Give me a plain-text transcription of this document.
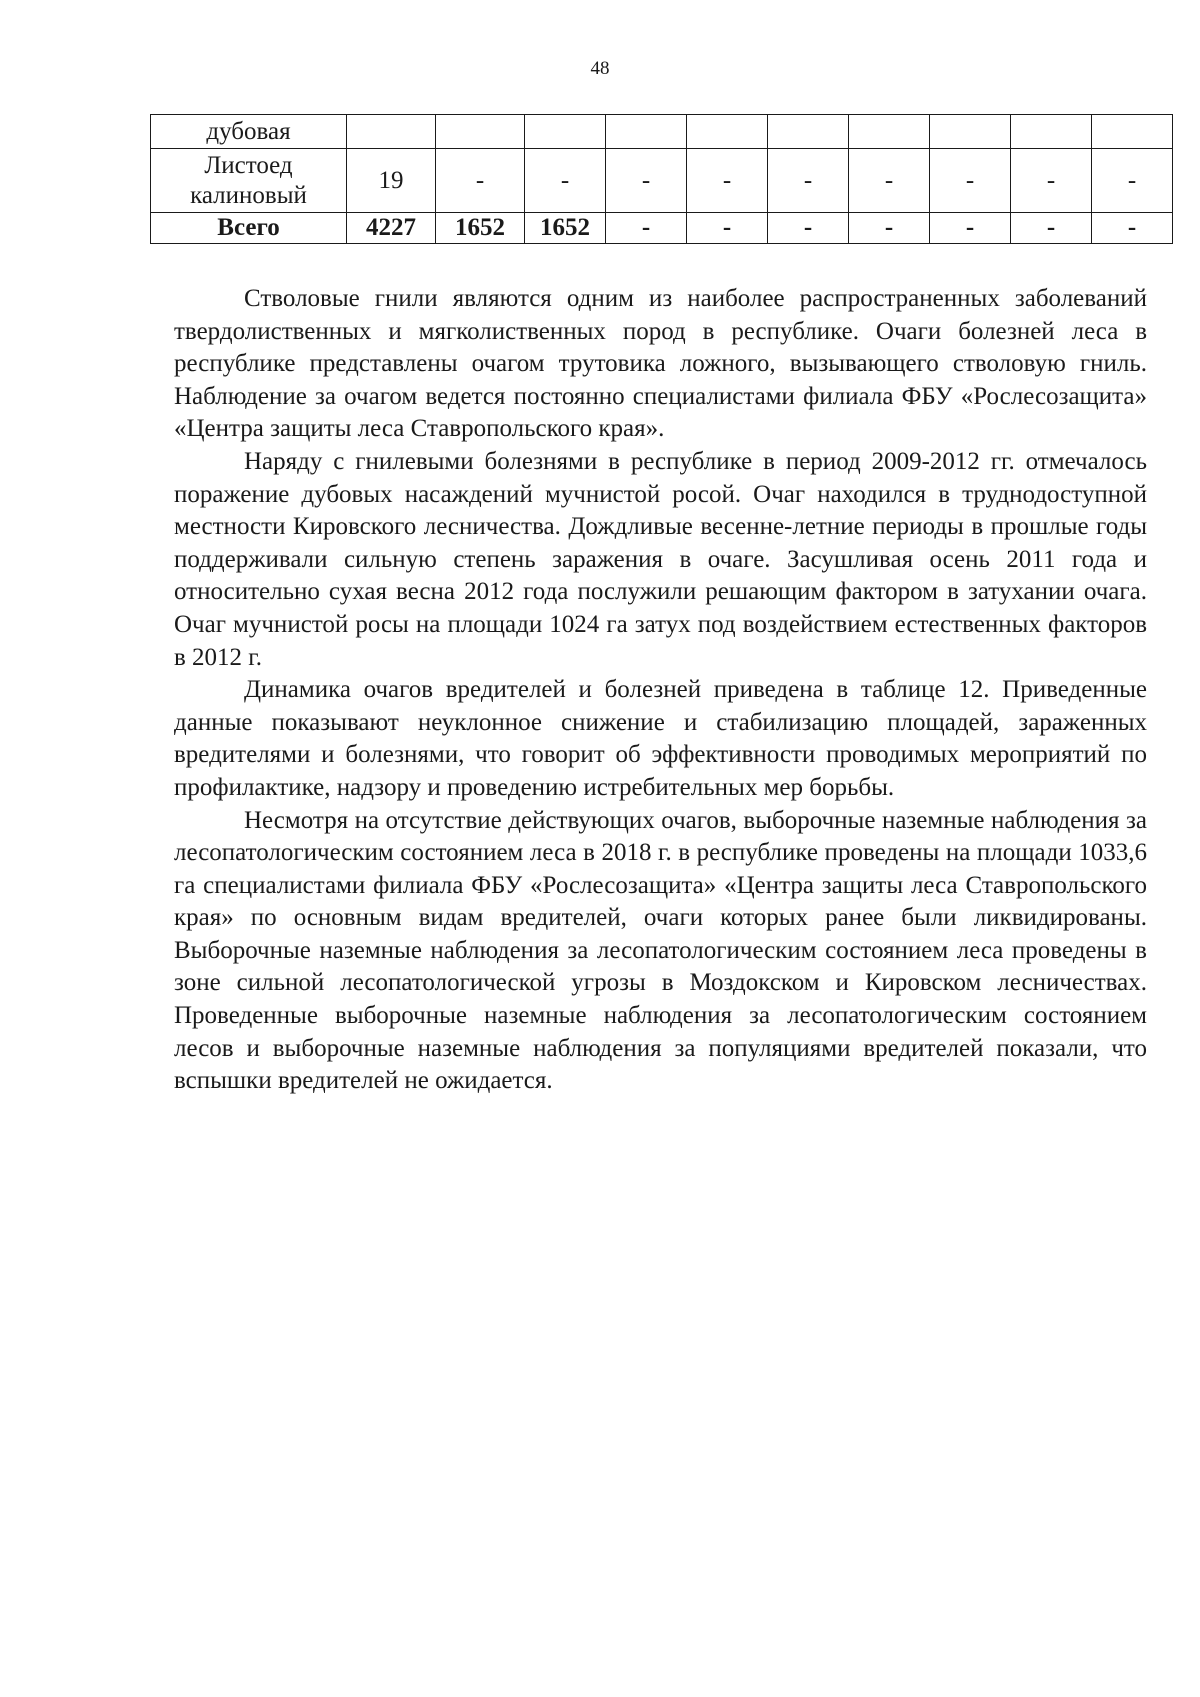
48
дубовая										
Листоед калиновый	19	-	-	-	-	-	-	-	-	-
Всего	4227	1652	1652	-	-	-	-	-	-	-

Стволовые гнили являются одним из наиболее распространенных заболеваний твердолиственных и мягколиственных пород в республике. Очаги болезней леса в республике представлены очагом трутовика ложного, вызывающего стволовую гниль. Наблюдение за очагом ведется постоянно специалистами филиала ФБУ «Рослесозащита» «Центра защиты леса Ставропольского края».

Наряду с гнилевыми болезнями в республике в период 2009-2012 гг. отмечалось поражение дубовых насаждений мучнистой росой. Очаг находился в труднодоступной местности Кировского лесничества. Дождливые весенне-летние периоды в прошлые годы поддерживали сильную степень заражения в очаге. Засушливая осень 2011 года и относительно сухая весна 2012 года послужили решающим фактором в затухании очага. Очаг мучнистой росы на площади 1024 га затух под воздействием естественных факторов в 2012 г.

Динамика очагов вредителей и болезней приведена в таблице 12. Приведенные данные показывают неуклонное снижение и стабилизацию площадей, зараженных вредителями и болезнями, что говорит об эффективности проводимых мероприятий по профилактике, надзору и проведению истребительных мер борьбы.

Несмотря на отсутствие действующих очагов, выборочные наземные наблюдения за лесопатологическим состоянием леса в 2018 г. в республике проведены на площади 1033,6 га специалистами филиала ФБУ «Рослесозащита» «Центра защиты леса Ставропольского края» по основным видам вредителей, очаги которых ранее были ликвидированы. Выборочные наземные наблюдения за лесопатологическим состоянием леса проведены в зоне сильной лесопатологической угрозы в Моздокском и Кировском лесничествах. Проведенные выборочные наземные наблюдения за лесопатологическим состоянием лесов и выборочные наземные наблюдения за популяциями вредителей показали, что вспышки вредителей не ожидается.
